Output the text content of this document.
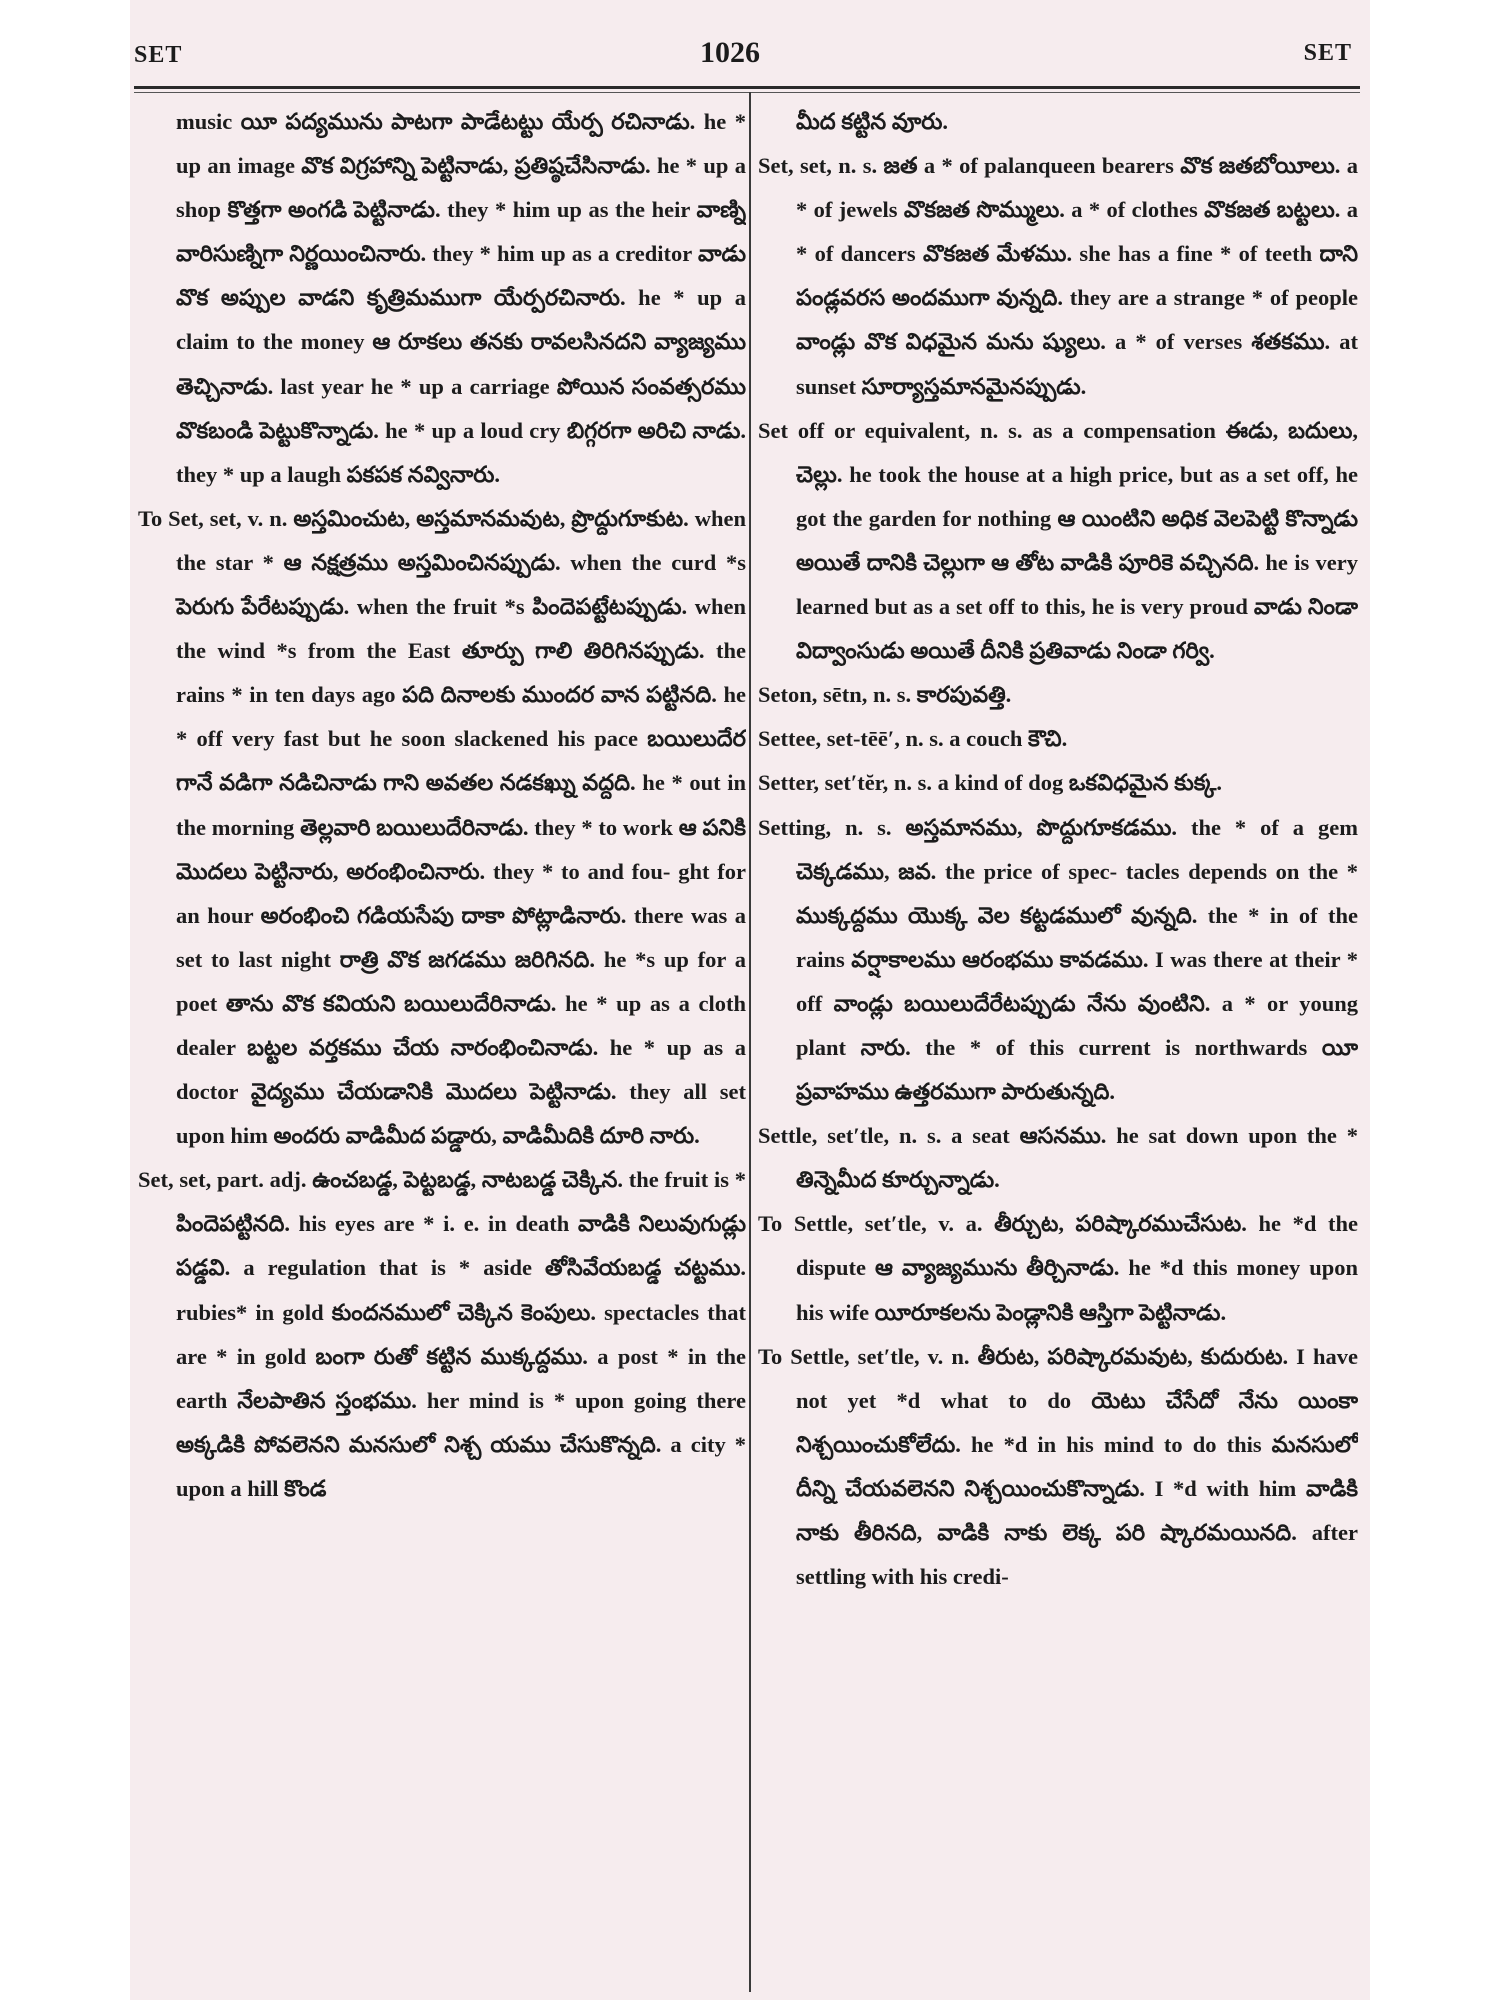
SET	1026	SET

music యీ పద్యమును పాటగా పాడేటట్టు యేర్ప రచినాడు. he * up an image వొక విగ్రహాన్ని పెట్టినాడు, ప్రతిష్ఠచేసినాడు. he * up a shop కొత్తగా అంగడి పెట్టినాడు. they * him up as the heir వాణ్ని వారిసుణ్నిగా నిర్ణయించినారు. they * him up as a creditor వాడు వొక అప్పుల వాడని కృత్రిమముగా యేర్పరచినారు. he * up a claim to the money ఆ రూకలు తనకు రావలసినదని వ్యాజ్యము తెచ్చినాడు. last year he * up a carriage పోయిన సంవత్సరము వొకబండి పెట్టుకొన్నాడు. he * up a loud cry బిగ్గరగా అరిచి నాడు. they * up a laugh పకపక నవ్వినారు.

To Set, set, v. n. అస్తమించుట, అస్తమానమవుట, ప్రొద్దుగూకుట. when the star * ఆ నక్షత్రము అస్తమించినప్పుడు. when the curd *s పెరుగు పేరేటప్పుడు. when the fruit *s పిందెపట్టేటప్పుడు. when the wind *s from the East తూర్పు గాలి తిరిగినప్పుడు. the rains * in ten days ago పది దినాలకు ముందర వాన పట్టినది. he * off very fast but he soon slackened his pace బయిలుదేర గానే వడిగా నడిచినాడు గాని అవతల నడకఖ్ను వద్దది. he * out in the morning తెల్లవారి బయిలుదేరినాడు. they * to work ఆ పనికి మొదలు పెట్టినారు, అరంభించినారు. they * to and fou- ght for an hour అరంభించి గడియసేపు దాకా పోట్లాడినారు. there was a set to last night రాత్రి వొక జగడము జరిగినది. he *s up for a poet తాను వొక కవియని బయిలుదేరినాడు. he * up as a cloth dealer బట్టల వర్తకము చేయ నారంభించినాడు. he * up as a doctor వైద్యము చేయడానికి మొదలు పెట్టినాడు. they all set upon him అందరు వాడిమీద పడ్డారు, వాడిమీదికి దూరి నారు.

Set, set, part. adj. ఉంచబడ్డ, పెట్టబడ్డ, నాటబడ్డ చెక్కిన. the fruit is * పిందెపట్టినది. his eyes are * i. e. in death వాడికి నిలువుగుడ్లు పడ్డవి. a regulation that is * aside తోసివేయబడ్డ చట్టము. rubies* in gold కుందనములో చెక్కిన కెంపులు. spectacles that are * in gold బంగా రుతో కట్టిన ముక్కద్దము. a post * in the earth నేలపాతిన స్తంభము. her mind is * upon going there అక్కడికి పోవలెనని మనసులో నిశ్చ యము చేసుకొన్నది. a city * upon a hill కొండ

మీద కట్టిన వూరు.

Set, set, n. s. జత a * of palanqueen bearers వొక జతబోయీలు. a * of jewels వొకజత సొమ్ములు. a * of clothes వొకజత బట్టలు. a * of dancers వొకజత మేళము. she has a fine * of teeth దాని పండ్లవరస అందముగా వున్నది. they are a strange * of people వాండ్లు వొక విధమైన మను ష్యులు. a * of verses శతకము. at sunset సూర్యాస్తమానమైనప్పుడు.

Set off or equivalent, n. s. as a compensation ఈడు, బదులు, చెల్లు. he took the house at a high price, but as a set off, he got the garden for nothing ఆ యింటిని అధిక వెలపెట్టి కొన్నాడు అయితే దానికి చెల్లుగా ఆ తోట వాడికి పూరికె వచ్చినది. he is very learned but as a set off to this, he is very proud వాడు నిండా విద్వాంసుడు అయితే దీనికి ప్రతివాడు నిండా గర్వి.

Seton, sētn, n. s. కారపువత్తి.

Settee, set-tēē′, n. s. a couch కౌచి.

Setter, set′tĕr, n. s. a kind of dog ఒకవిధమైన కుక్క.

Setting, n. s. అస్తమానము, పొద్దుగూకడము. the * of a gem చెక్కడము, జవ. the price of spec- tacles depends on the * ముక్కద్దము యొక్క వెల కట్టడములో వున్నది. the * in of the rains వర్షాకాలము ఆరంభము కావడము. I was there at their * off వాండ్లు బయిలుదేరేటప్పుడు నేను వుంటిని. a * or young plant నారు. the * of this current is northwards యీ ప్రవాహము ఉత్తరముగా పారుతున్నది.

Settle, set′tle, n. s. a seat ఆసనము. he sat down upon the * తిన్నెమీద కూర్చున్నాడు.

To Settle, set′tle, v. a. తీర్చుట, పరిష్కారముచేసుట. he *d the dispute ఆ వ్యాజ్యమును తీర్చినాడు. he *d this money upon his wife యీరూకలను పెండ్లానికి ఆస్తిగా పెట్టినాడు.

To Settle, set′tle, v. n. తీరుట, పరిష్కారమవుట, కుదురుట. I have not yet *d what to do యెటు చేసేదో నేను యింకా నిశ్చయించుకోలేదు. he *d in his mind to do this మనసులో దీన్ని చేయవలెనని నిశ్చయించుకొన్నాడు. I *d with him వాడికి నాకు తీరినది, వాడికి నాకు లెక్క పరి ష్కారమయినది. after settling with his credi-
